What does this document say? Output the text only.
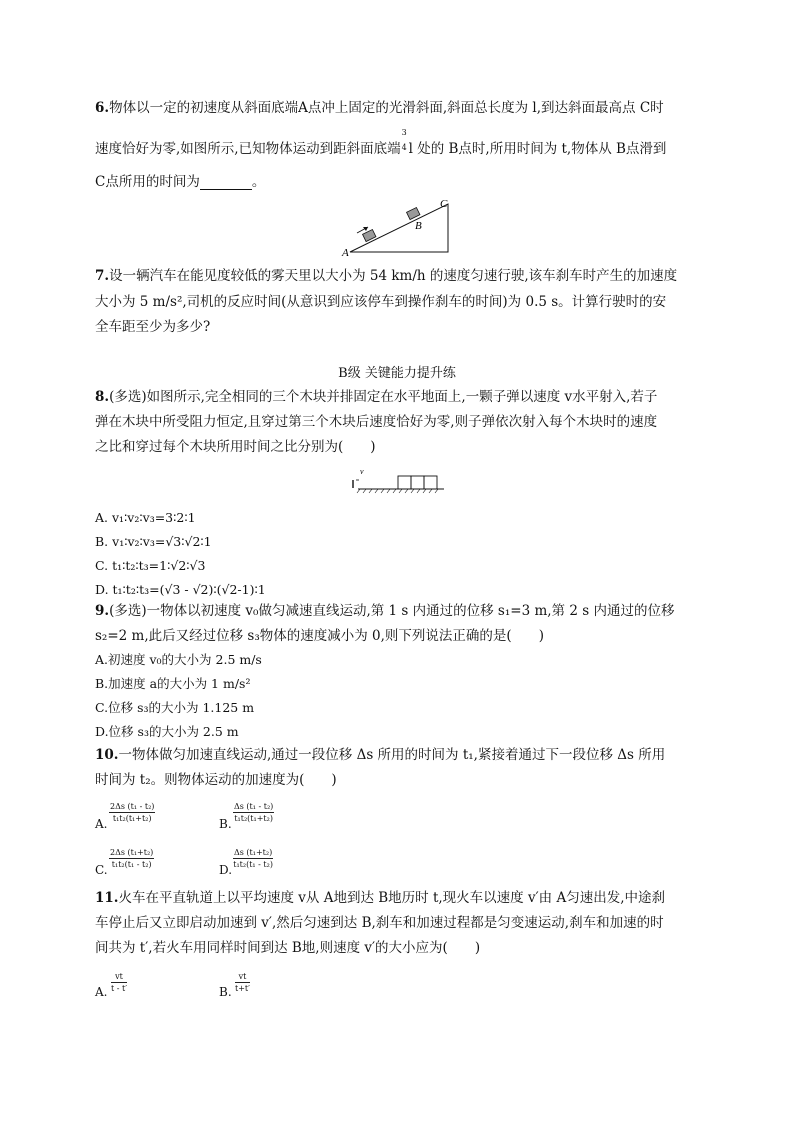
6.物体以一定的初速度从斜面底端A点冲上固定的光滑斜面,斜面总长度为 l,到达斜面最高点 C时
速度恰好为零,如图所示,已知物体运动到距斜面底端
3
4 l 处的 B点时,所用时间为 t,物体从 B点滑到
C点所用的时间为	。
A
B
C
7.设一辆汽车在能见度较低的雾天里以大小为 54 km/h 的速度匀速行驶,该车刹车时产生的加速度
大小为 5 m/s²,司机的反应时间(从意识到应该停车到操作刹车的时间)为 0.5 s。计算行驶时的安
全车距至少为多少?
B级 关键能力提升练
8.(多选)如图所示,完全相同的三个木块并排固定在水平地面上,一颗子弹以速度 v水平射入,若子
弹在木块中所受阻力恒定,且穿过第三个木块后速度恰好为零,则子弹依次射入每个木块时的速度
之比和穿过每个木块所用时间之比分别为(　　)
v
A. v₁∶v₂∶v₃=3∶2∶1
B. v₁∶v₂∶v₃=√3∶√2∶1
C. t₁∶t₂∶t₃=1∶√2∶√3
D. t₁∶t₂∶t₃=(√3 - √2)∶(√2-1)∶1
9.(多选)一物体以初速度 v₀做匀减速直线运动,第 1 s 内通过的位移 s₁=3 m,第 2 s 内通过的位移
s₂=2 m,此后又经过位移 s₃物体的速度减小为 0,则下列说法正确的是(　　)
A.初速度 v₀的大小为 2.5 m/s
B.加速度 a的大小为 1 m/s²
C.位移 s₃的大小为 1.125 m
D.位移 s₃的大小为 2.5 m
10.一物体做匀加速直线运动,通过一段位移 Δs 所用的时间为 t₁,紧接着通过下一段位移 Δs 所用
时间为 t₂。则物体运动的加速度为(　　)
A.
$\frac{\text{2Δs (t₁ - t₂)}}{\text{t₁t₂(t₁+t₂)}}$
B.
$\frac{\text{Δs (t₁ - t₂)}}{\text{t₁t₂(t₁+t₂)}}$
C.
$\frac{\text{2Δs (t₁+t₂)}}{\text{t₁t₂(t₁ - t₂)}}$
D.
$\frac{\text{Δs (t₁+t₂)}}{\text{t₁t₂(t₁ - t₂)}}$
11.火车在平直轨道上以平均速度 v从 A地到达 B地历时 t,现火车以速度 v′由 A匀速出发,中途刹
车停止后又立即启动加速到 v′,然后匀速到达 B,刹车和加速过程都是匀变速运动,刹车和加速的时
间共为 t′,若火车用同样时间到达 B地,则速度 v′的大小应为(　　)
A. $\frac{vt}{t - t'}$	B. $\frac{vt}{t+t'}$
